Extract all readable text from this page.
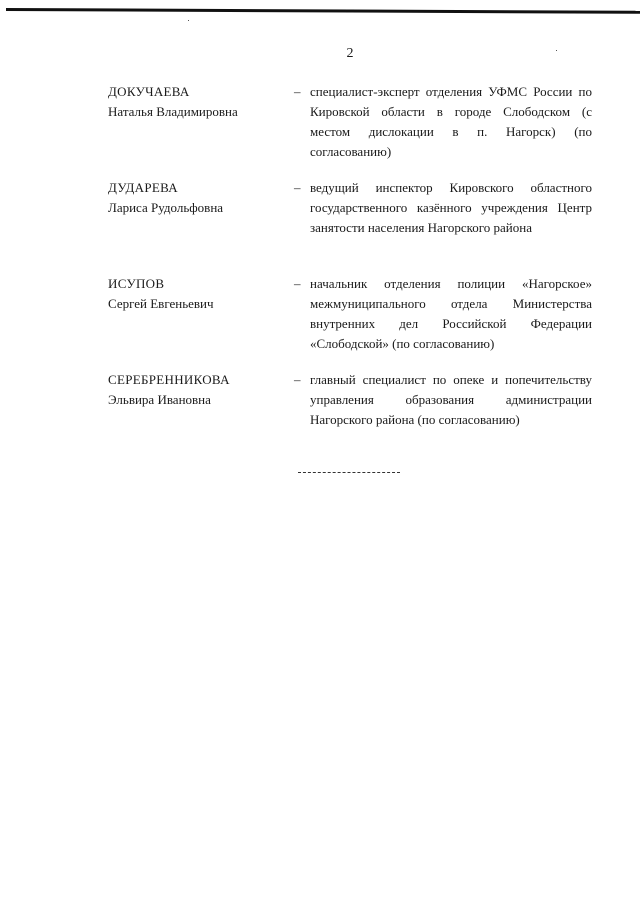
2
ДОКУЧАЕВА
Наталья Владимировна
– специалист-эксперт отделения УФМС России по Кировской области в городе Слободском (с местом дислокации в п. Нагорск) (по согласованию)
ДУДАРЕВА
Лариса Рудольфовна
– ведущий инспектор Кировского областного государственного казённого учреждения Центр занятости населения Нагорского района
ИСУПОВ
Сергей Евгеньевич
– начальник отделения полиции «Нагорское» межмуниципального отдела Министерства внутренних дел Российской Федерации «Слободской» (по согласованию)
СЕРЕБРЕННИКОВА
Эльвира Ивановна
– главный специалист по опеке и попечительству управления образования администрации Нагорского района (по согласованию)
